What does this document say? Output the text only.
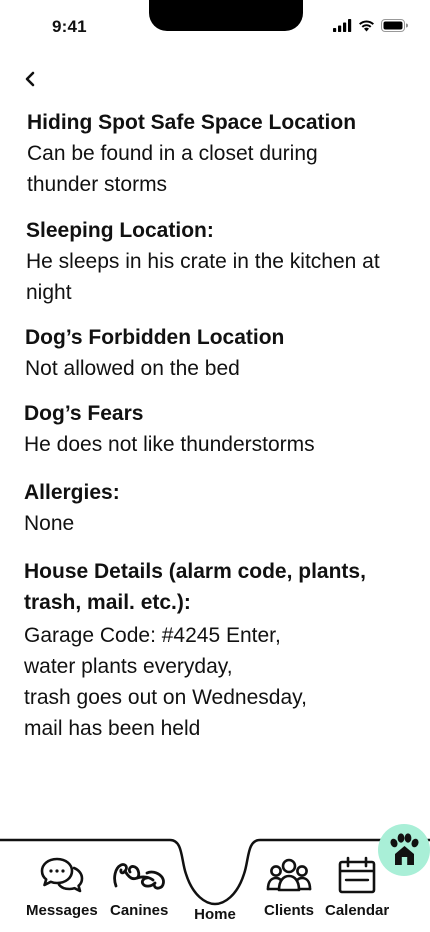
9:41
Hiding Spot Safe Space Location

Can be found in a closet during thunder storms

Sleeping Location:

He sleeps in his crate in the kitchen at night

Dog’s Forbidden Location

Not allowed on the bed

Dog’s Fears

He does not like thunderstorms

Allergies:

None

House Details (alarm code, plants, trash, mail. etc.):
Garage Code: #4245 Enter,
water plants everyday,
trash goes out on Wednesday,
mail has been held
Messages Canines Home Clients Calendar
